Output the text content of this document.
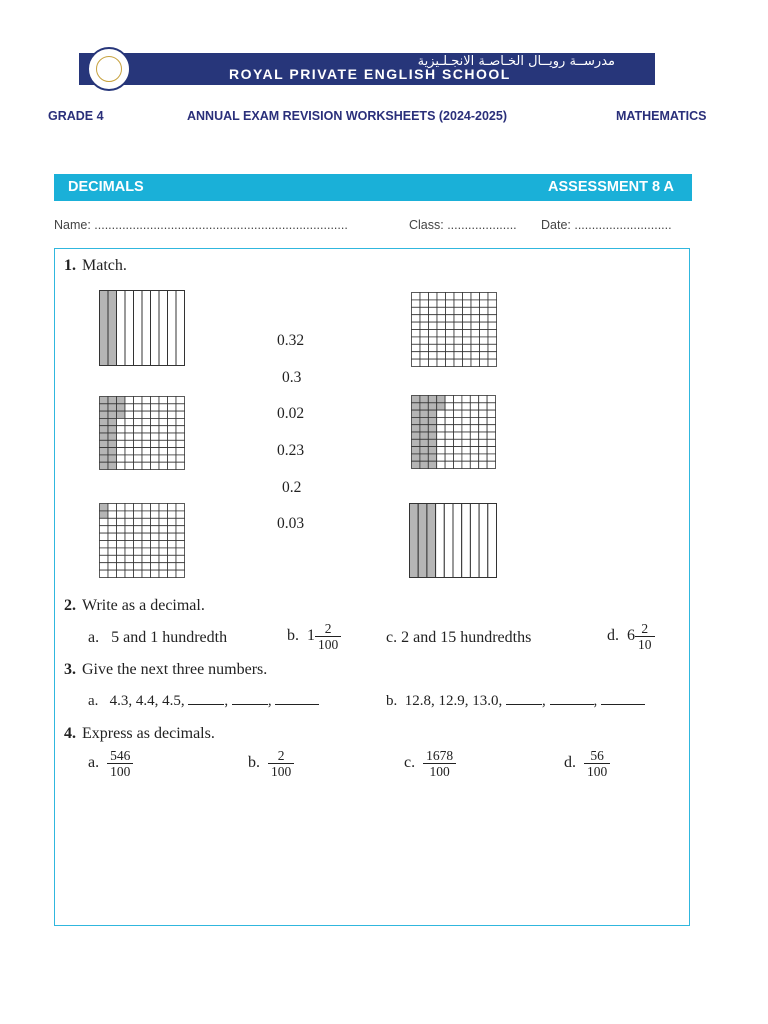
مدرســة رويــال الخـاصـة الانجـلـيزية
ROYAL PRIVATE ENGLISH SCHOOL
GRADE 4	ANNUAL EXAM REVISION WORKSHEETS (2024-2025)	MATHEMATICS
DECIMALS	ASSESSMENT 8 A
Name: .........................................................................	Class: .................... Date: ............................
1. Match.
0.32
0.3
0.02
0.23
0.2
0.03
2. Write as a decimal.
a. 5 and 1 hundredth	b. $1 \frac{2}{100}$	c. 2 and 15 hundredths	d. $6 \frac{2}{10}$
3. Give the next three numbers.
a. 4.3, 4.4, 4.5,	,	,	b. 12.8, 12.9, 13.0,	,	,
4. Express as decimals.
a. $\frac{546}{100}$	b. $\frac{2}{100}$	c. $\frac{1678}{100}$	d. $\frac{56}{100}$
